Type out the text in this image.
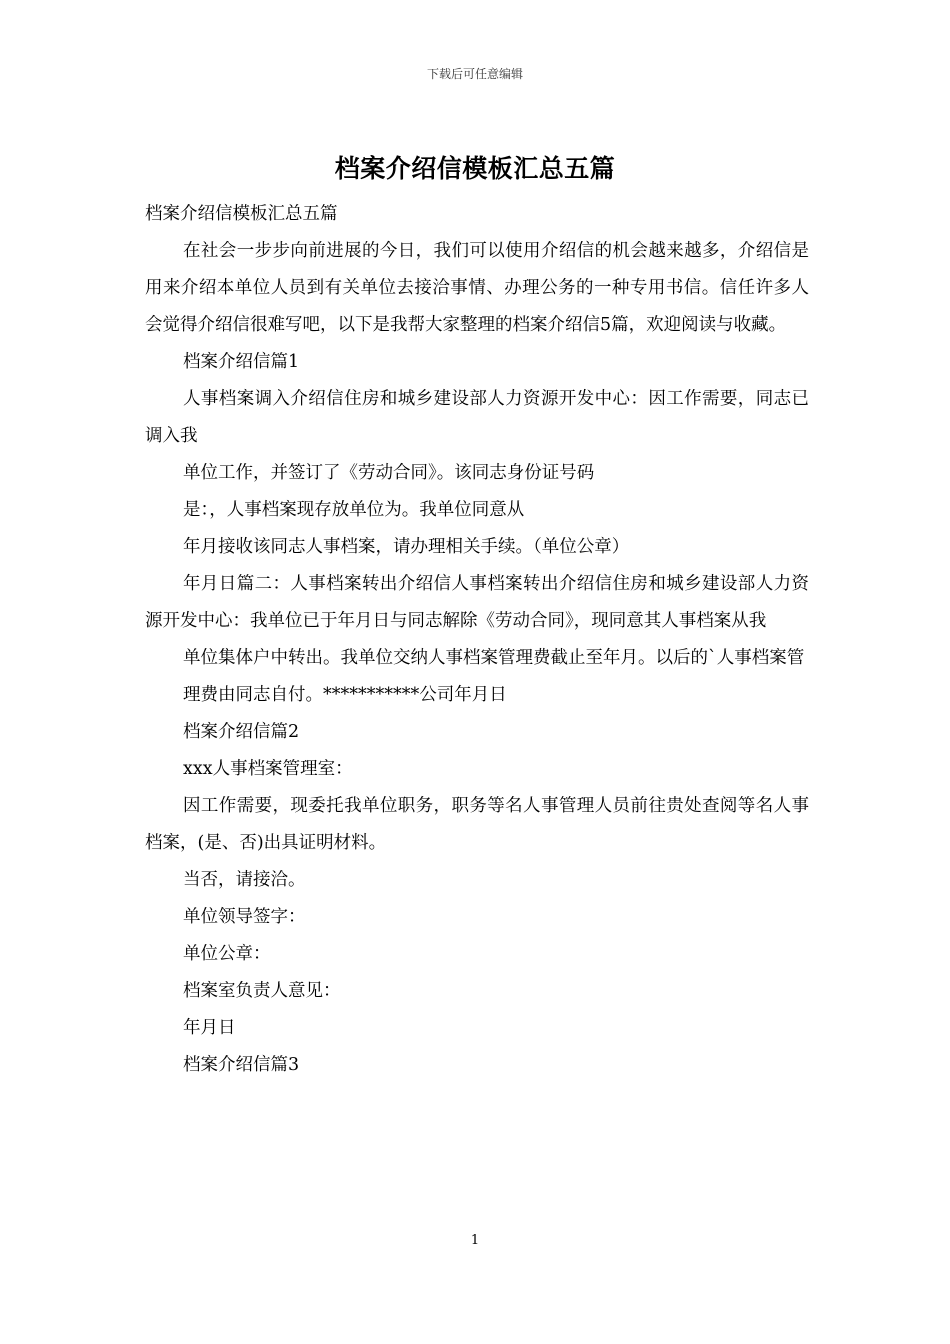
下载后可任意编辑
档案介绍信模板汇总五篇

档案介绍信模板汇总五篇

在社会一步步向前进展的今日，我们可以使用介绍信的机会越来越多，介绍信是用来介绍本单位人员到有关单位去接洽事情、办理公务的一种专用书信。信任许多人会觉得介绍信很难写吧，以下是我帮大家整理的档案介绍信5篇，欢迎阅读与收藏。

档案介绍信篇1

人事档案调入介绍信住房和城乡建设部人力资源开发中心：因工作需要，同志已调入我

单位工作，并签订了《劳动合同》。该同志身份证号码

是：，人事档案现存放单位为。我单位同意从

年月接收该同志人事档案，请办理相关手续。（单位公章）

年月日篇二：人事档案转出介绍信人事档案转出介绍信住房和城乡建设部人力资源开发中心：我单位已于年月日与同志解除《劳动合同》，现同意其人事档案从我

单位集体户中转出。我单位交纳人事档案管理费截止至年月。以后的`人事档案管

理费由同志自付。***********公司年月日

档案介绍信篇2

xxx人事档案管理室：

因工作需要，现委托我单位职务，职务等名人事管理人员前往贵处查阅等名人事档案，(是、否)出具证明材料。

当否，请接洽。

单位领导签字：

单位公章：

档案室负责人意见：

年月日

档案介绍信篇3

1
